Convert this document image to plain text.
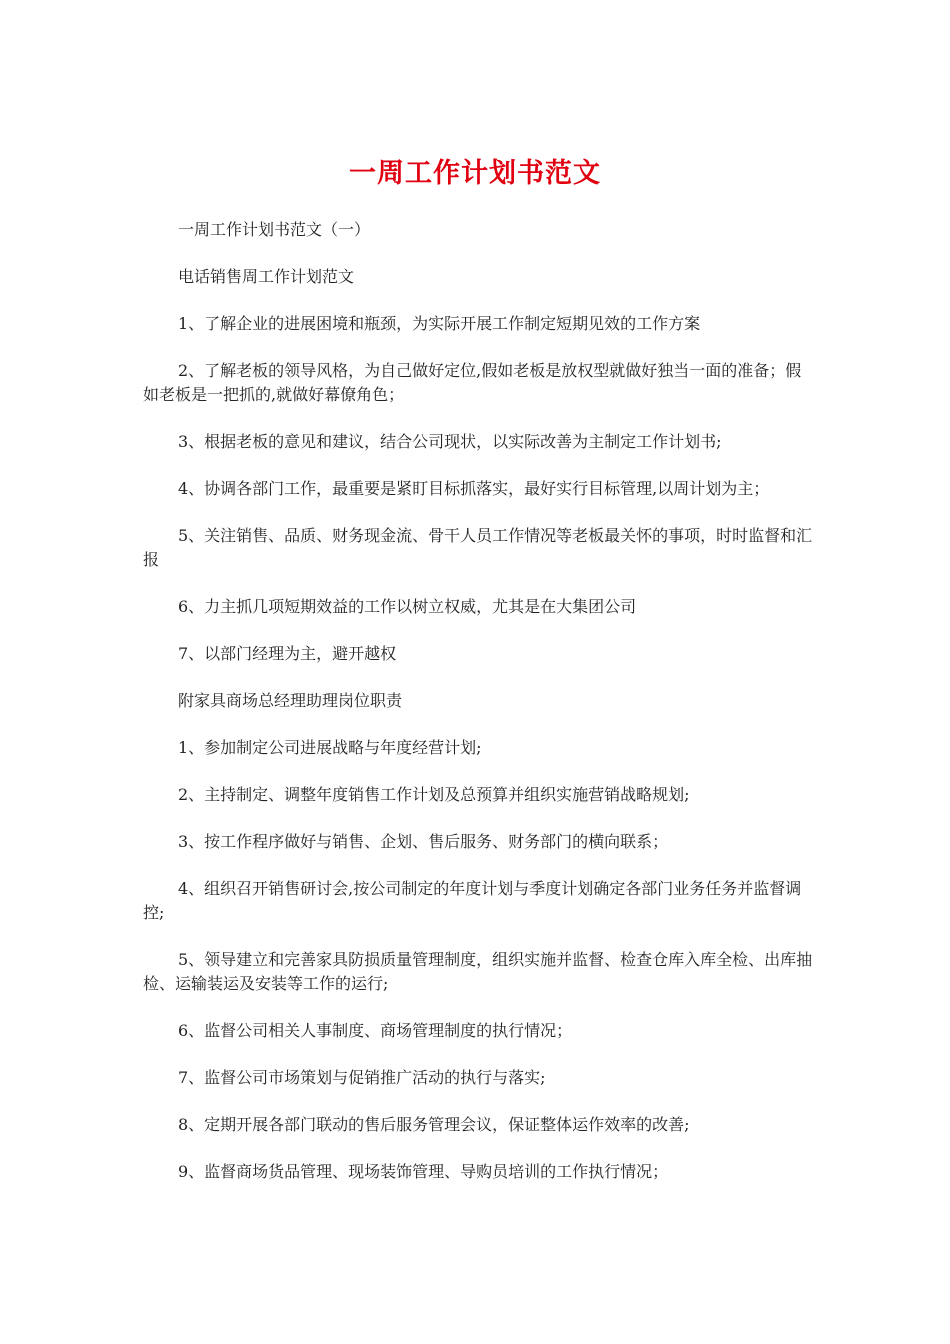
一周工作计划书范文

一周工作计划书范文（一）

电话销售周工作计划范文

1、了解企业的进展困境和瓶颈，为实际开展工作制定短期见效的工作方案

2、了解老板的领导风格，为自己做好定位,假如老板是放权型就做好独当一面的准备；假如老板是一把抓的,就做好幕僚角色；

3、根据老板的意见和建议，结合公司现状，以实际改善为主制定工作计划书;

4、协调各部门工作，最重要是紧盯目标抓落实，最好实行目标管理,以周计划为主；

5、关注销售、品质、财务现金流、骨干人员工作情况等老板最关怀的事项，时时监督和汇报

6、力主抓几项短期效益的工作以树立权威，尤其是在大集团公司

7、以部门经理为主，避开越权

附家具商场总经理助理岗位职责

1、参加制定公司进展战略与年度经营计划;

2、主持制定、调整年度销售工作计划及总预算并组织实施营销战略规划;

3、按工作程序做好与销售、企划、售后服务、财务部门的横向联系；

4、组织召开销售研讨会,按公司制定的年度计划与季度计划确定各部门业务任务并监督调控;

5、领导建立和完善家具防损质量管理制度，组织实施并监督、检查仓库入库全检、出库抽检、运输装运及安装等工作的运行;

6、监督公司相关人事制度、商场管理制度的执行情况；

7、监督公司市场策划与促销推广活动的执行与落实;

8、定期开展各部门联动的售后服务管理会议，保证整体运作效率的改善;

9、监督商场货品管理、现场装饰管理、导购员培训的工作执行情况；
